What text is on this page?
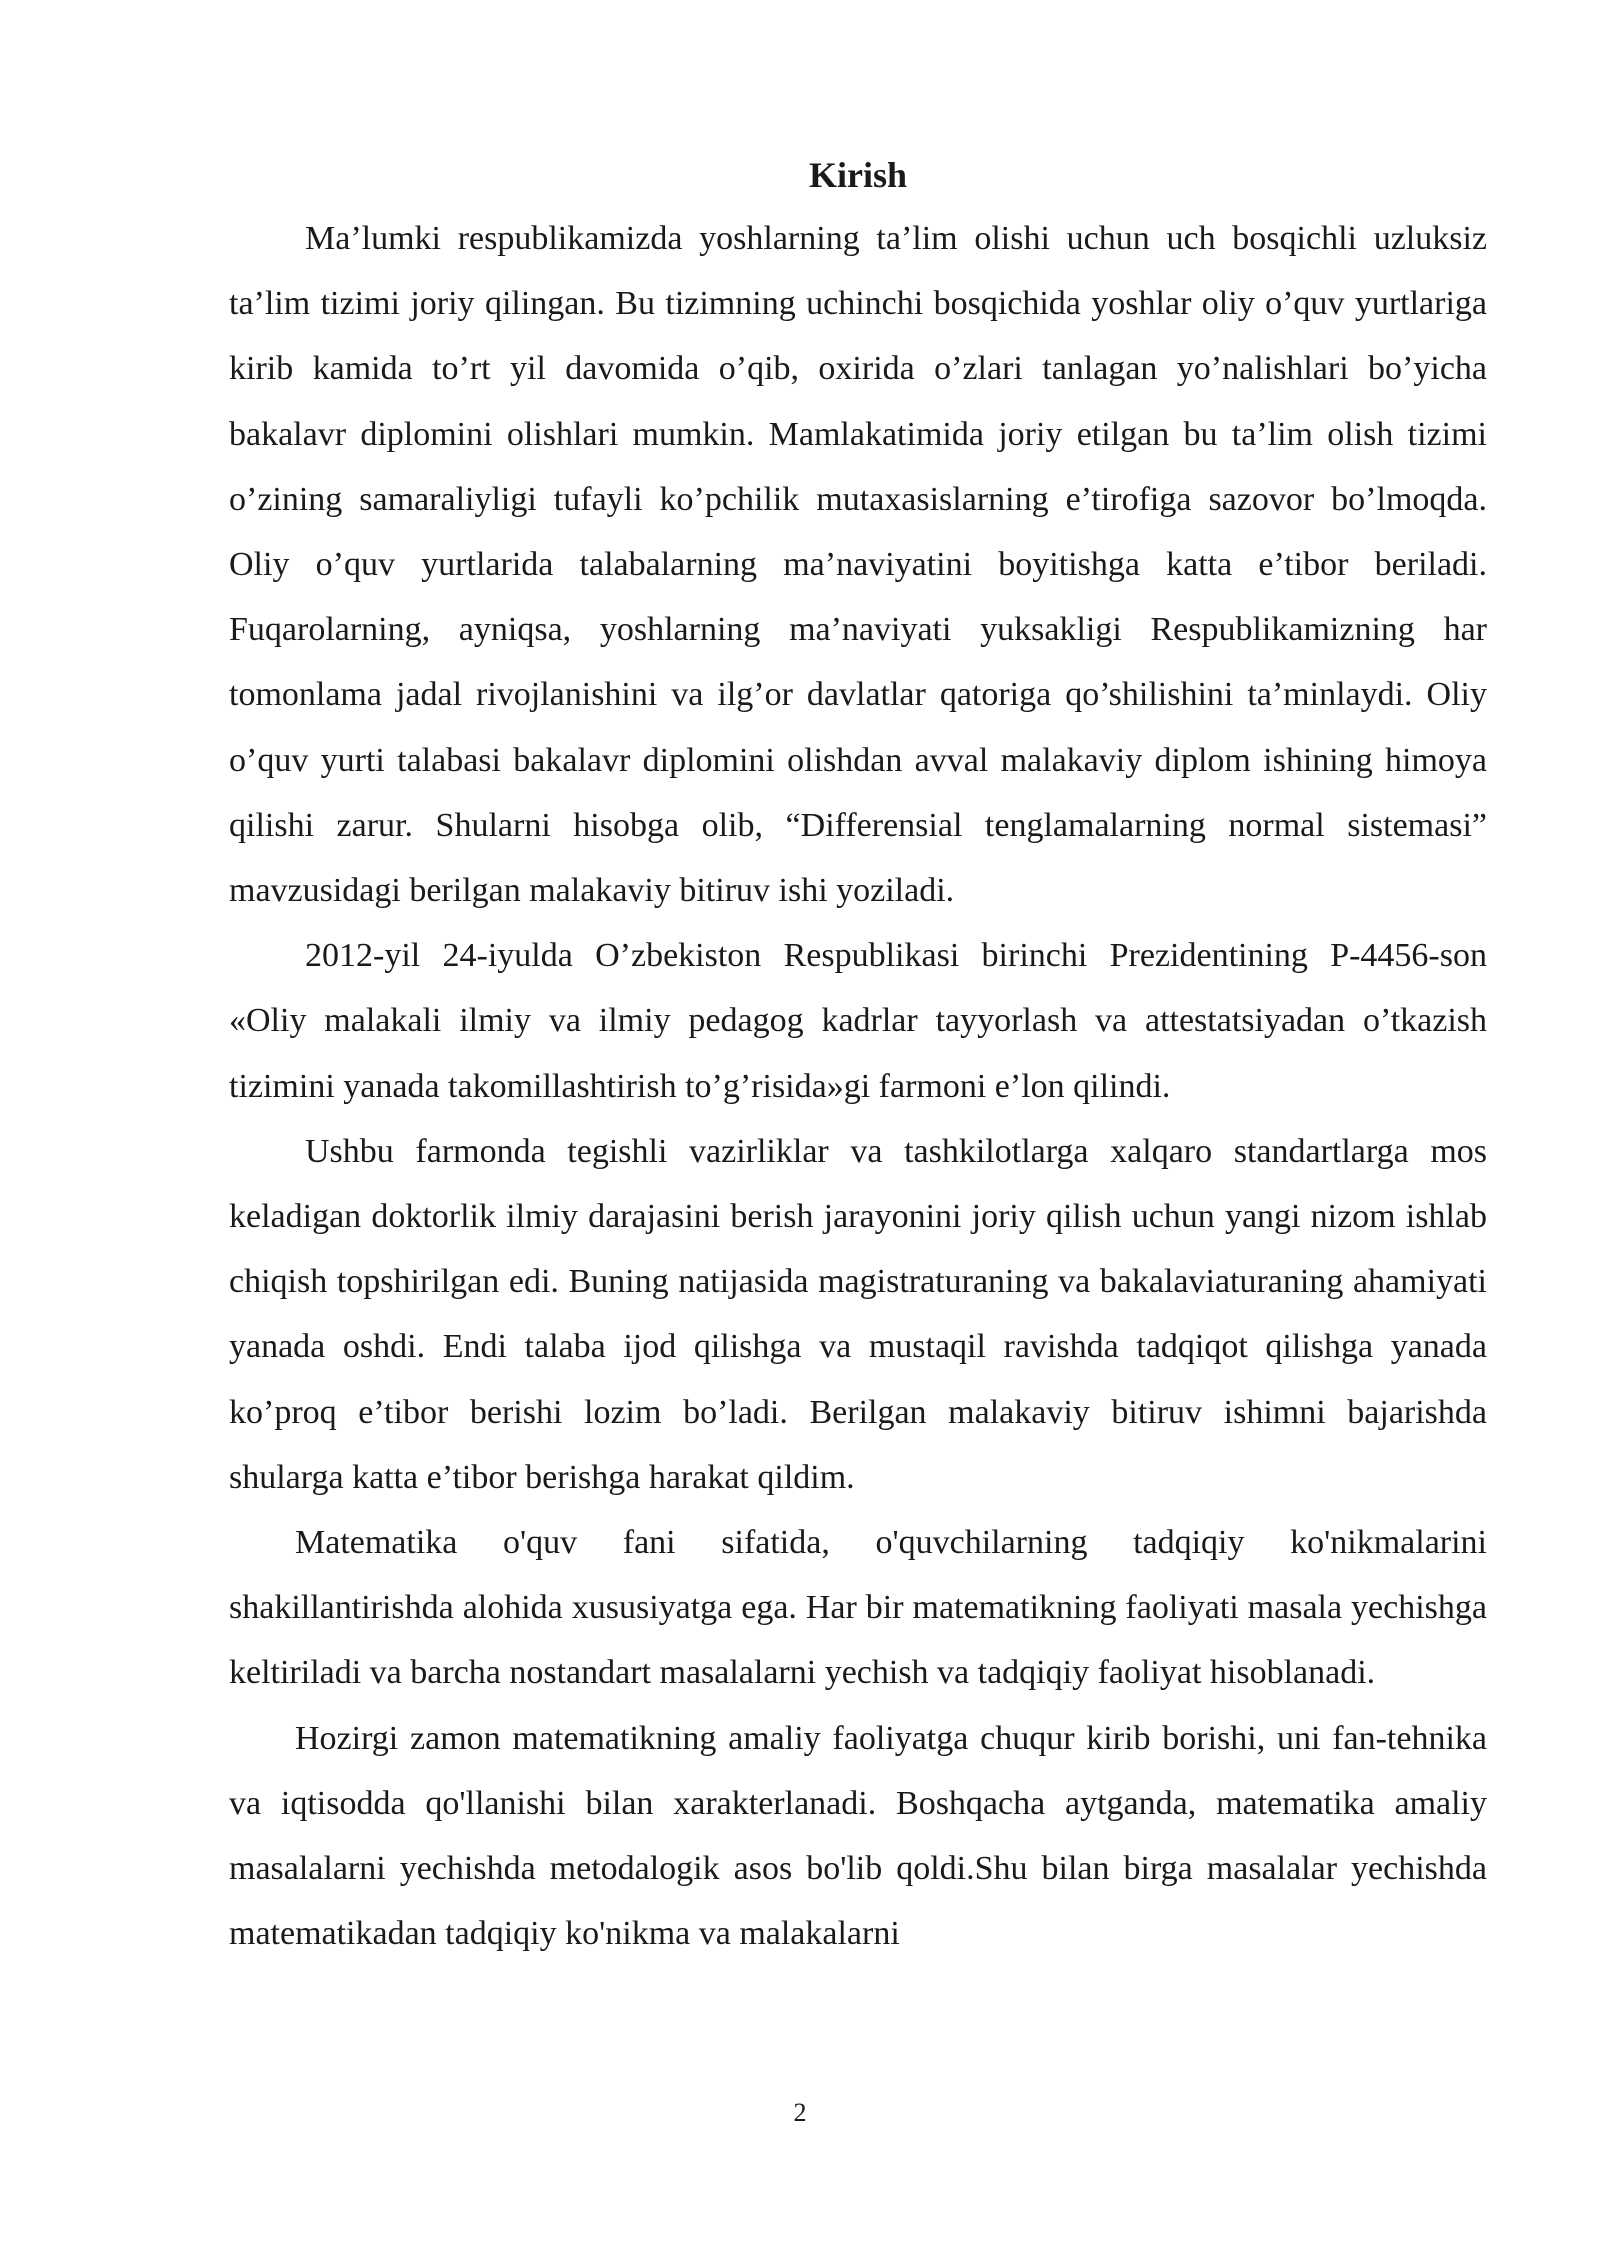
Kirish

Ma’lumki respublikamizda yoshlarning ta’lim olishi uchun uch bosqichli uzluksiz ta’lim tizimi joriy qilingan. Bu tizimning uchinchi bosqichida yoshlar oliy o’quv yurtlariga kirib kamida to’rt yil davomida o’qib, oxirida o’zlari tanlagan yo’nalishlari bo’yicha bakalavr diplomini olishlari mumkin. Mamlakatimida joriy etilgan bu ta’lim olish tizimi o’zining samaraliyligi tufayli ko’pchilik mutaxasislarning e’tirofiga sazovor bo’lmoqda. Oliy o’quv yurtlarida talabalarning ma’naviyatini boyitishga katta e’tibor beriladi. Fuqarolarning, ayniqsa, yoshlarning ma’naviyati yuksakligi Respublikamizning har tomonlama jadal rivojlanishini va ilg’or davlatlar qatoriga qo’shilishini ta’minlaydi. Oliy o’quv yurti talabasi bakalavr diplomini olishdan avval malakaviy diplom ishining himoya qilishi zarur. Shularni hisobga olib, “Differensial tenglamalarning normal sistemasi” mavzusidagi berilgan malakaviy bitiruv ishi yoziladi.

2012-yil 24-iyulda O’zbekiston Respublikasi birinchi Prezidentining P-4456-son «Oliy malakali ilmiy va ilmiy pedagog kadrlar tayyorlash va attestatsiyadan o’tkazish tizimini yanada takomillashtirish to’g’risida»gi farmoni e’lon qilindi.

Ushbu farmonda tegishli vazirliklar va tashkilotlarga xalqaro standartlarga mos keladigan doktorlik ilmiy darajasini berish jarayonini joriy qilish uchun yangi nizom ishlab chiqish topshirilgan edi. Buning natijasida magistraturaning va bakalaviaturaning ahamiyati yanada oshdi. Endi talaba ijod qilishga va mustaqil ravishda tadqiqot qilishga yanada ko’proq e’tibor berishi lozim bo’ladi. Berilgan malakaviy bitiruv ishimni bajarishda shularga katta e’tibor berishga harakat qildim.

Matematika o'quv fani sifatida, o'quvchilarning tadqiqiy ko'nikmalarini shakillantirishda alohida xususiyatga ega. Har bir matematikning faoliyati masala yechishga keltiriladi va barcha nostandart masalalarni yechish va tadqiqiy faoliyat hisoblanadi.

Hozirgi zamon matematikning amaliy faoliyatga chuqur kirib borishi, uni fan-tehnika va iqtisodda qo'llanishi bilan xarakterlanadi. Boshqacha aytganda, matematika amaliy masalalarni yechishda metodalogik asos bo'lib qoldi.Shu bilan birga masalalar yechishda matematikadan tadqiqiy ko'nikma va malakalarni

2
